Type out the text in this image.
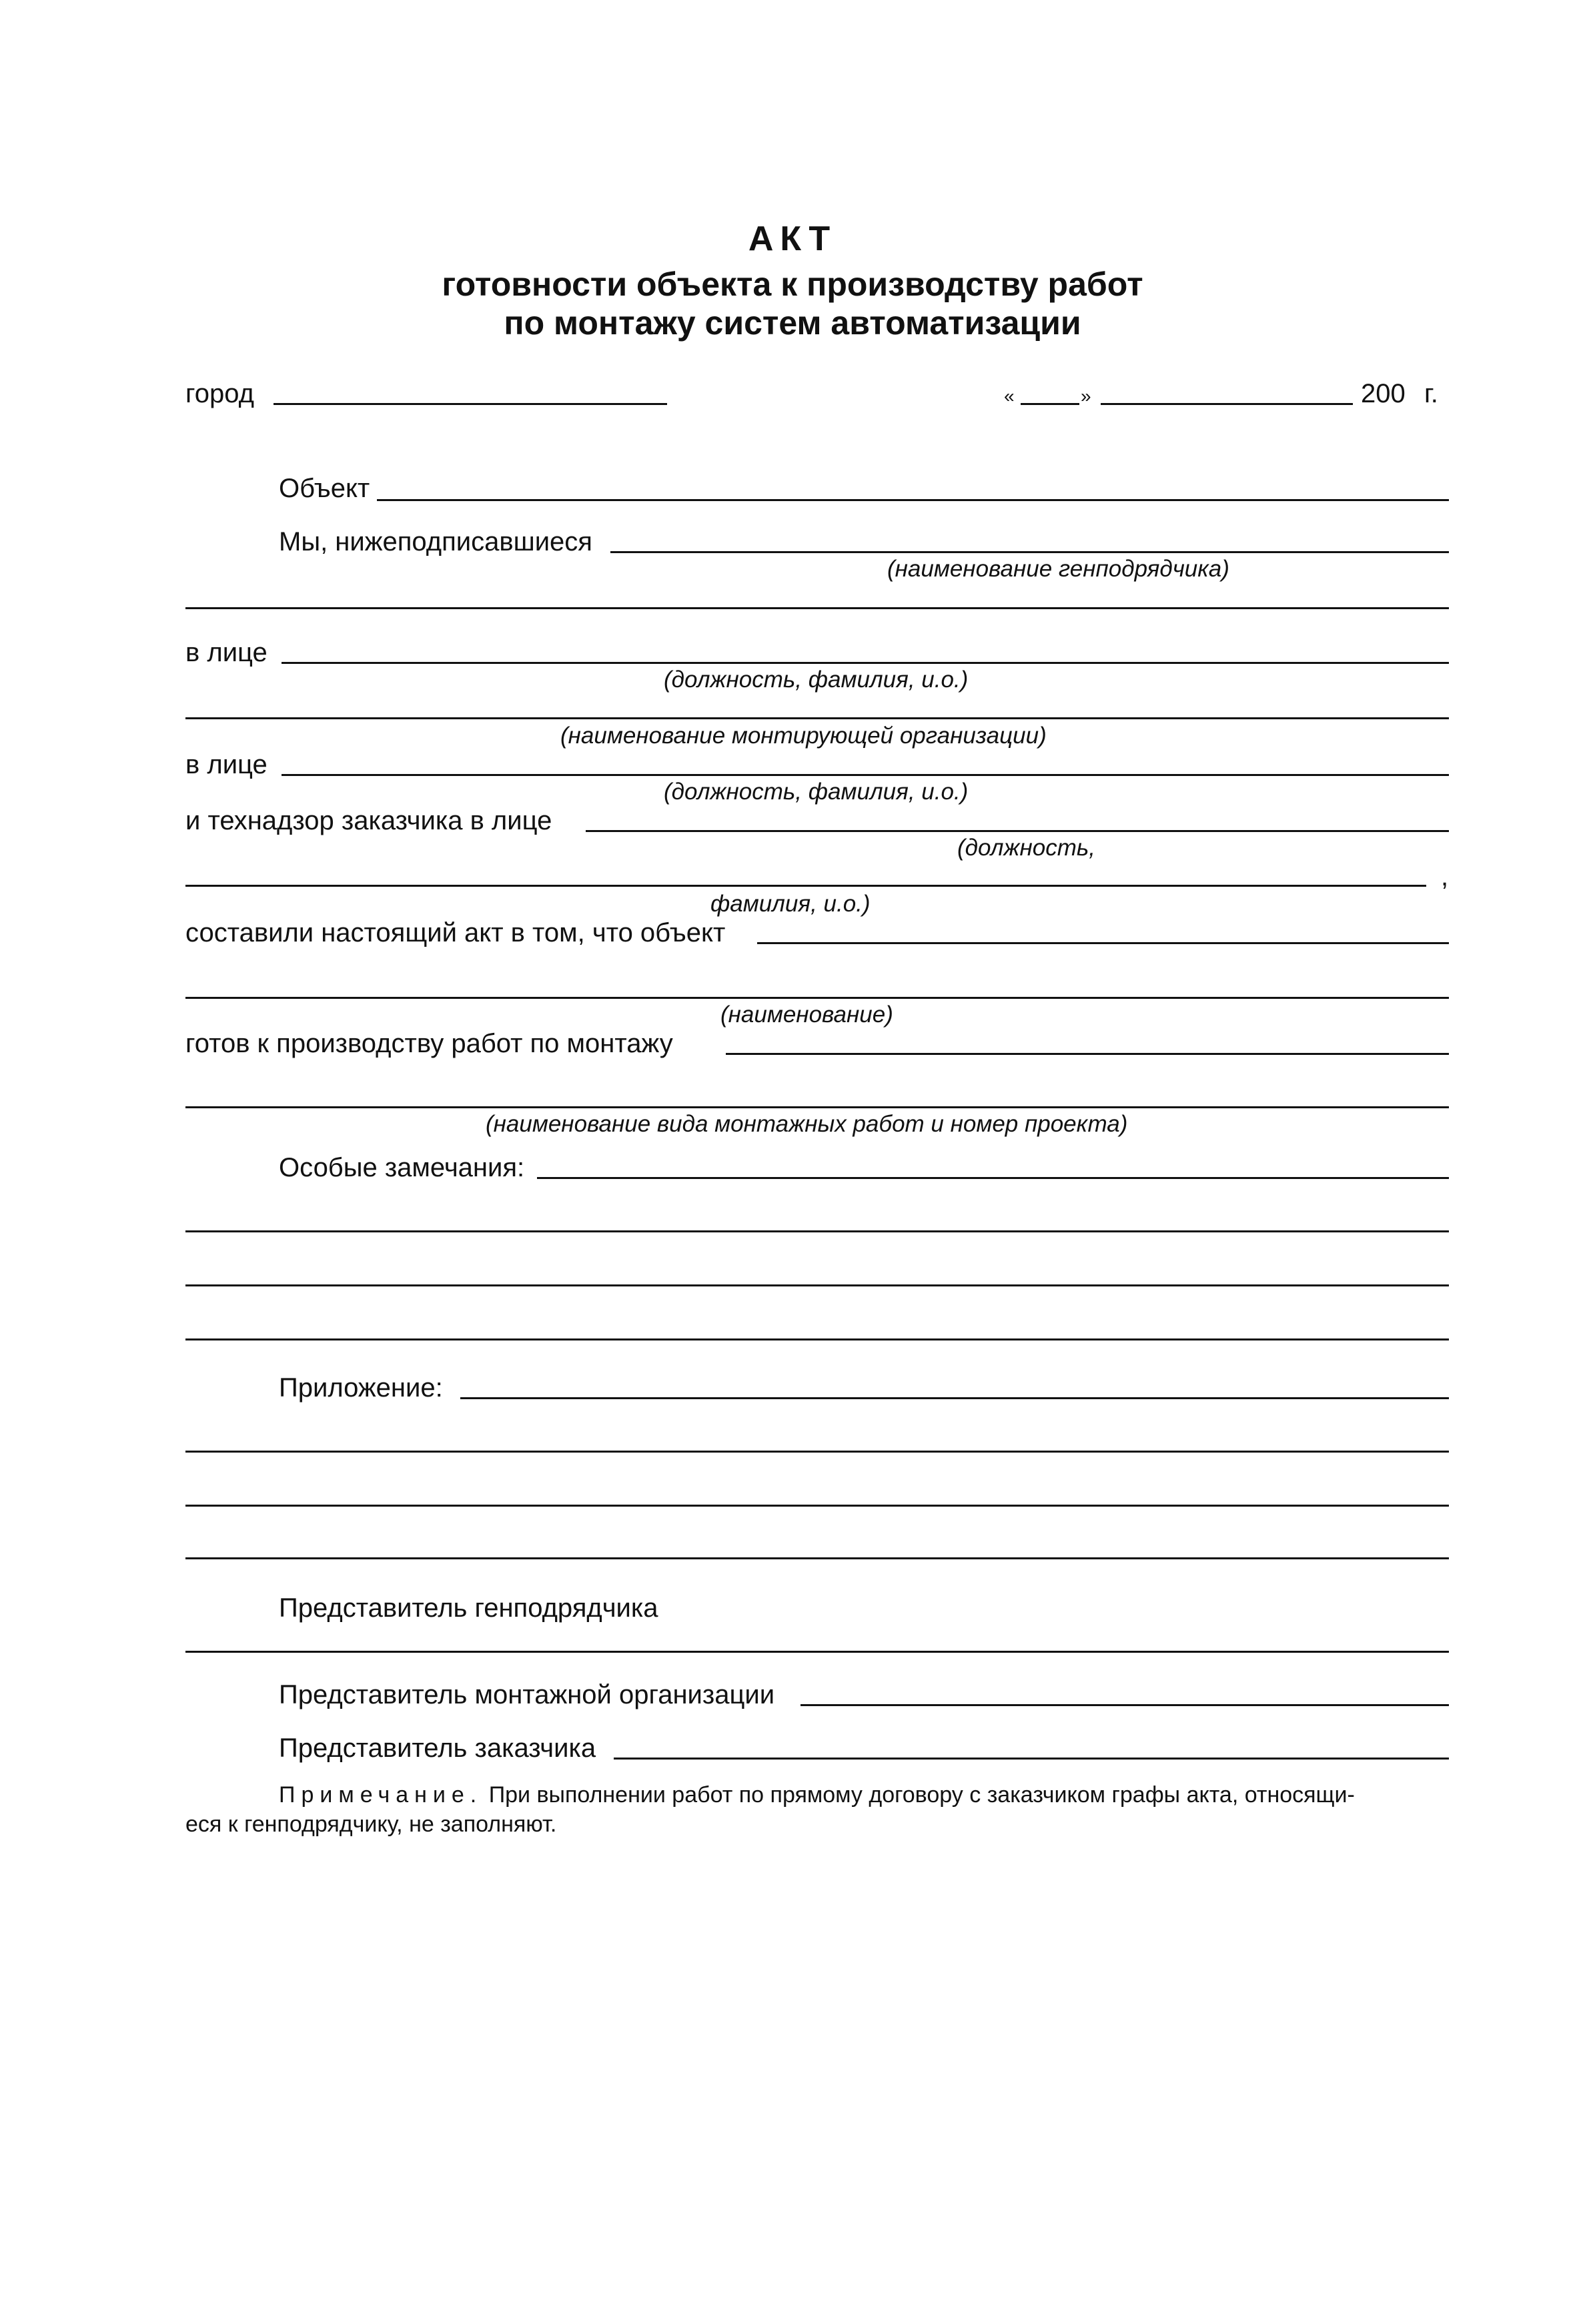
АКТ
готовности объекта к производству работ
по монтажу систем автоматизации
город	«	»	200 г.
Объект
Мы, нижеподписавшиеся
(наименование генподрядчика)
в лице
(должность, фамилия, и.о.)
(наименование монтирующей организации)
в лице
(должность, фамилия, и.о.)
и технадзор заказчика в лице
(должность,
,
фамилия, и.о.)
составили настоящий акт в том, что объект
(наименование)
готов к производству работ по монтажу
(наименование вида монтажных работ и номер проекта)
Особые замечания:
Приложение:
Представитель генподрядчика
Представитель монтажной организации
Представитель заказчика
Примечание. При выполнении работ по прямому договору с заказчиком графы акта, относящи-
еся к генподрядчику, не заполняют.
